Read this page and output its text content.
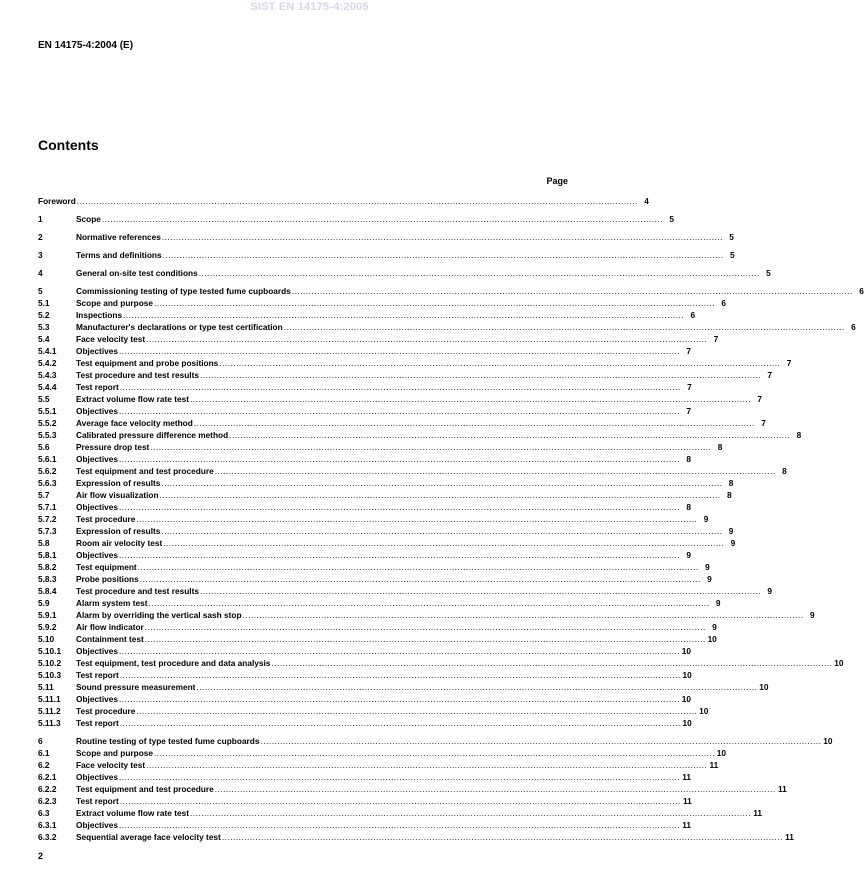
SIST EN 14175-4:2005
EN 14175-4:2004 (E)
Contents
Page
Foreword ........................................................................................................................................................................................................ 4
1	Scope ........................................................................................................................................................................................................ 5
2	Normative references ........................................................................................................................................................................................................ 5
3	Terms and definitions ........................................................................................................................................................................................................ 5
4	General on-site test conditions ........................................................................................................................................................................................................ 5
5	Commissioning testing of type tested fume cupboards ........................................................................................................................................................................................................ 6
5.1	Scope and purpose ........................................................................................................................................................................................................ 6
5.2	Inspections ........................................................................................................................................................................................................ 6
5.3	Manufacturer's declarations or type test certification ........................................................................................................................................................................................................ 6
5.4	Face velocity test ........................................................................................................................................................................................................ 7
5.4.1	Objectives ........................................................................................................................................................................................................ 7
5.4.2	Test equipment and probe positions ........................................................................................................................................................................................................ 7
5.4.3	Test procedure and test results ........................................................................................................................................................................................................ 7
5.4.4	Test report ........................................................................................................................................................................................................ 7
5.5	Extract volume flow rate test ........................................................................................................................................................................................................ 7
5.5.1	Objectives ........................................................................................................................................................................................................ 7
5.5.2	Average face velocity method ........................................................................................................................................................................................................ 7
5.5.3	Calibrated pressure difference method ........................................................................................................................................................................................................ 8
5.6	Pressure drop test ........................................................................................................................................................................................................ 8
5.6.1	Objectives ........................................................................................................................................................................................................ 8
5.6.2	Test equipment and test procedure ........................................................................................................................................................................................................ 8
5.6.3	Expression of results ........................................................................................................................................................................................................ 8
5.7	Air flow visualization ........................................................................................................................................................................................................ 8
5.7.1	Objectives ........................................................................................................................................................................................................ 8
5.7.2	Test procedure ........................................................................................................................................................................................................ 9
5.7.3	Expression of results ........................................................................................................................................................................................................ 9
5.8	Room air velocity test ........................................................................................................................................................................................................ 9
5.8.1	Objectives ........................................................................................................................................................................................................ 9
5.8.2	Test equipment ........................................................................................................................................................................................................ 9
5.8.3	Probe positions ........................................................................................................................................................................................................ 9
5.8.4	Test procedure and test results ........................................................................................................................................................................................................ 9
5.9	Alarm system test ........................................................................................................................................................................................................ 9
5.9.1	Alarm by overriding the vertical sash stop ........................................................................................................................................................................................................ 9
5.9.2	Air flow indicator ........................................................................................................................................................................................................ 9
5.10	Containment test ........................................................................................................................................................................................................ 10
5.10.1	Objectives ........................................................................................................................................................................................................ 10
5.10.2	Test equipment, test procedure and data analysis ........................................................................................................................................................................................................ 10
5.10.3	Test report ........................................................................................................................................................................................................ 10
5.11	Sound pressure measurement ........................................................................................................................................................................................................ 10
5.11.1	Objectives ........................................................................................................................................................................................................ 10
5.11.2	Test procedure ........................................................................................................................................................................................................ 10
5.11.3	Test report ........................................................................................................................................................................................................ 10
6	Routine testing of type tested fume cupboards ........................................................................................................................................................................................................ 10
6.1	Scope and purpose ........................................................................................................................................................................................................ 10
6.2	Face velocity test ........................................................................................................................................................................................................ 11
6.2.1	Objectives ........................................................................................................................................................................................................ 11
6.2.2	Test equipment and test procedure ........................................................................................................................................................................................................ 11
6.2.3	Test report ........................................................................................................................................................................................................ 11
6.3	Extract volume flow rate test ........................................................................................................................................................................................................ 11
6.3.1	Objectives ........................................................................................................................................................................................................ 11
6.3.2	Sequential average face velocity test ........................................................................................................................................................................................................ 11
2
